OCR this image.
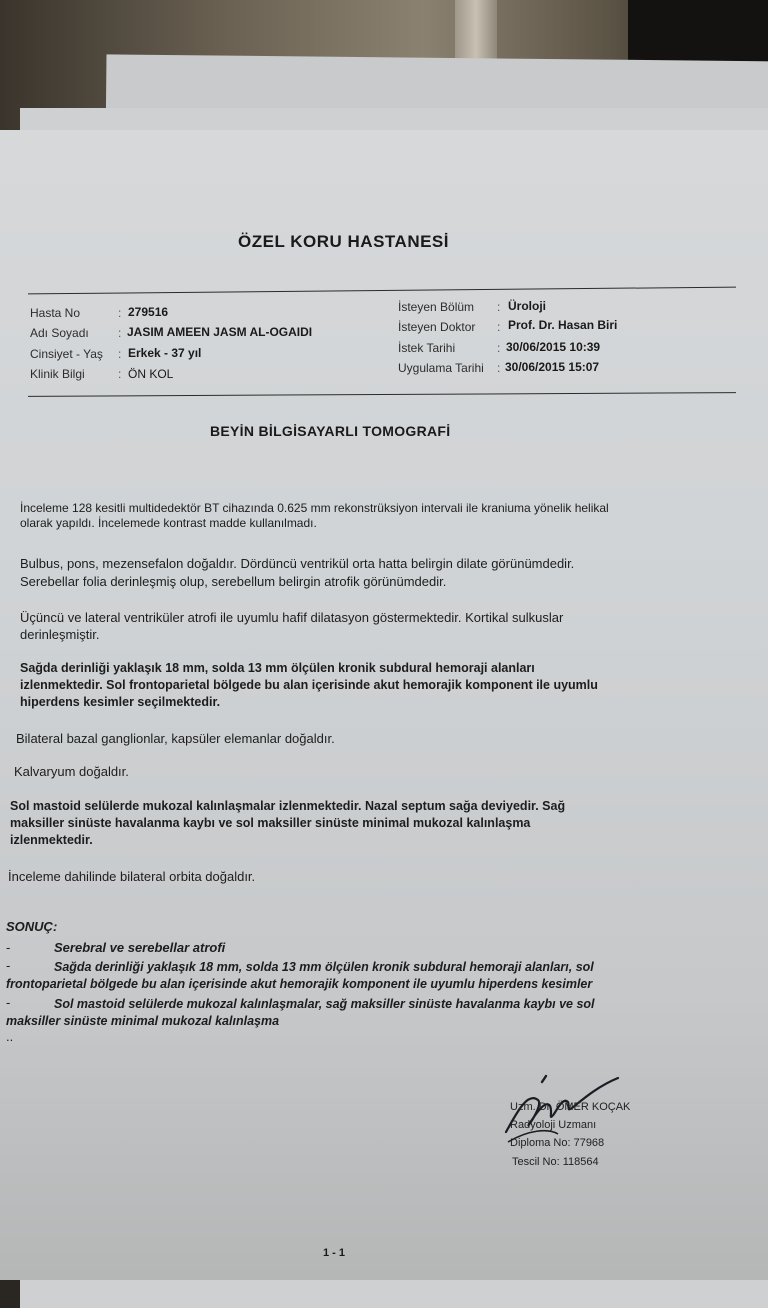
ÖZEL KORU HASTANESİ
Hasta No	: 279516
Adı Soyadı : JASIM AMEEN JASM AL-OGAIDI
Cinsiyet - Yaş : Erkek - 37 yıl
Klinik Bilgi	: ÖN KOL
İsteyen Bölüm : Üroloji
İsteyen Doktor : Prof. Dr. Hasan Biri
İstek Tarihi	: 30/06/2015 10:39
Uygulama Tarihi : 30/06/2015 15:07
BEYİN BİLGİSAYARLI TOMOGRAFİ
İnceleme 128 kesitli multidedektör BT cihazında 0.625 mm rekonstrüksiyon intervali ile kraniuma yönelik helikal
olarak yapıldı. İncelemede kontrast madde kullanılmadı.
Bulbus, pons, mezensefalon doğaldır. Dördüncü ventrikül orta hatta belirgin dilate görünümdedir.
Serebellar folia derinleşmiş olup, serebellum belirgin atrofik görünümdedir.
Üçüncü ve lateral ventriküler atrofi ile uyumlu hafif dilatasyon göstermektedir. Kortikal sulkuslar
derinleşmiştir.
Sağda derinliği yaklaşık 18 mm, solda 13 mm ölçülen kronik subdural hemoraji alanları
izlenmektedir. Sol frontoparietal bölgede bu alan içerisinde akut hemorajik komponent ile uyumlu
hiperdens kesimler seçilmektedir.
Bilateral bazal ganglionlar, kapsüler elemanlar doğaldır.
Kalvaryum doğaldır.
Sol mastoid selülerde mukozal kalınlaşmalar izlenmektedir. Nazal septum sağa deviyedir. Sağ
maksiller sinüste havalanma kaybı ve sol maksiller sinüste minimal mukozal kalınlaşma
izlenmektedir.
İnceleme dahilinde bilateral orbita doğaldır.
SONUÇ:
-	Serebral ve serebellar atrofi
-	Sağda derinliği yaklaşık 18 mm, solda 13 mm ölçülen kronik subdural hemoraji alanları, sol
frontoparietal bölgede bu alan içerisinde akut hemorajik komponent ile uyumlu hiperdens kesimler
-	Sol mastoid selülerde mukozal kalınlaşmalar, sağ maksiller sinüste havalanma kaybı ve sol
maksiller sinüste minimal mukozal kalınlaşma
..
Uzm. Dr. ÖMER KOÇAK
Radyoloji Uzmanı
Diploma No: 77968
Tescil No: 118564
1 - 1
